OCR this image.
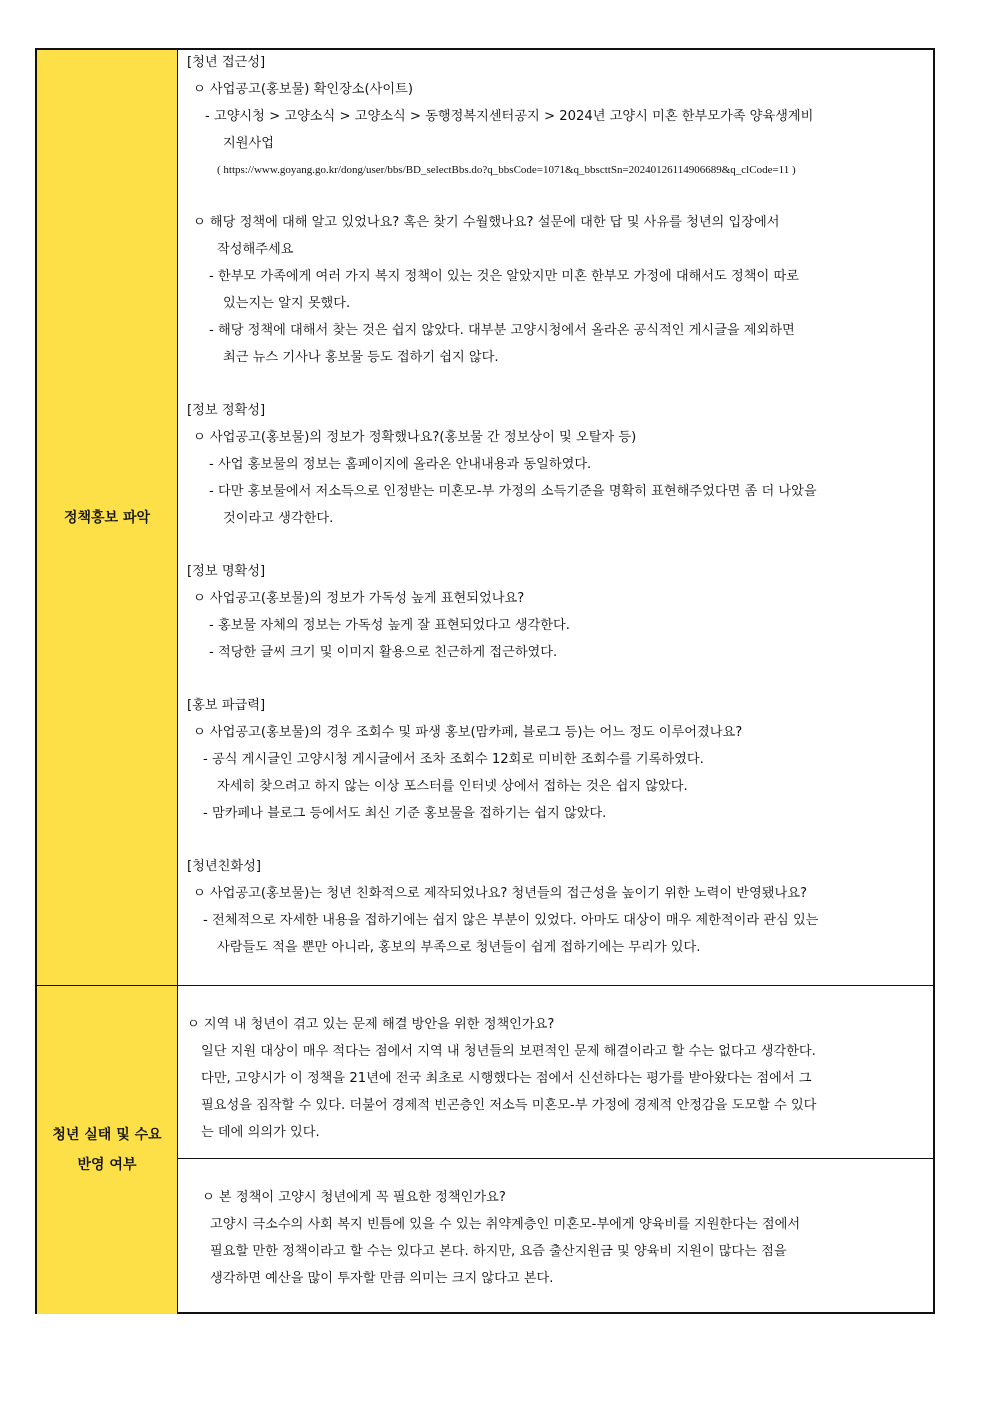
정책홍보 파악
청년 실태 및 수요
반영 여부
[청년 접근성]
ㅇ 사업공고(홍보물) 확인장소(사이트)
- 고양시청 > 고양소식 > 고양소식 > 동행정복지센터공지 > 2024년 고양시 미혼 한부모가족 양육생계비
지원사업
( https://www.goyang.go.kr/dong/user/bbs/BD_selectBbs.do?q_bbsCode=1071&q_bbscttSn=20240126114906689&q_clCode=11 )
ㅇ 해당 정책에 대해 알고 있었나요? 혹은 찾기 수월했나요? 설문에 대한 답 및 사유를 청년의 입장에서
작성해주세요
- 한부모 가족에게 여러 가지 복지 정책이 있는 것은 알았지만 미혼 한부모 가정에 대해서도 정책이 따로
있는지는 알지 못했다.
- 해당 정책에 대해서 찾는 것은 쉽지 않았다. 대부분 고양시청에서 올라온 공식적인 게시글을 제외하면
최근 뉴스 기사나 홍보물 등도 접하기 쉽지 않다.
[정보 정확성]
ㅇ 사업공고(홍보물)의 정보가 정확했나요?(홍보물 간 정보상이 및 오탈자 등)
- 사업 홍보물의 정보는 홈페이지에 올라온 안내내용과 동일하였다.
- 다만 홍보물에서 저소득으로 인정받는 미혼모-부 가정의 소득기준을 명확히 표현해주었다면 좀 더 나았을
것이라고 생각한다.
[정보 명확성]
ㅇ 사업공고(홍보물)의 정보가 가독성 높게 표현되었나요?
- 홍보물 자체의 정보는 가독성 높게 잘 표현되었다고 생각한다.
- 적당한 글씨 크기 및 이미지 활용으로 친근하게 접근하였다.
[홍보 파급력]
ㅇ 사업공고(홍보물)의 경우 조회수 및 파생 홍보(맘카페, 블로그 등)는 어느 정도 이루어졌나요?
- 공식 게시글인 고양시청 게시글에서 조차 조회수 12회로 미비한 조회수를 기록하였다.
자세히 찾으려고 하지 않는 이상 포스터를 인터넷 상에서 접하는 것은 쉽지 않았다.
- 맘카페나 블로그 등에서도 최신 기준 홍보물을 접하기는 쉽지 않았다.
[청년친화성]
ㅇ 사업공고(홍보물)는 청년 친화적으로 제작되었나요? 청년들의 접근성을 높이기 위한 노력이 반영됐나요?
- 전체적으로 자세한 내용을 접하기에는 쉽지 않은 부분이 있었다. 아마도 대상이 매우 제한적이라 관심 있는
사람들도 적을 뿐만 아니라, 홍보의 부족으로 청년들이 쉽게 접하기에는 무리가 있다.
ㅇ 지역 내 청년이 겪고 있는 문제 해결 방안을 위한 정책인가요?
일단 지원 대상이 매우 적다는 점에서 지역 내 청년들의 보편적인 문제 해결이라고 할 수는 없다고 생각한다.
다만, 고양시가 이 정책을 21년에 전국 최초로 시행했다는 점에서 신선하다는 평가를 받아왔다는 점에서 그
필요성을 짐작할 수 있다. 더불어 경제적 빈곤층인 저소득 미혼모-부 가정에 경제적 안정감을 도모할 수 있다
는 데에 의의가 있다.
ㅇ 본 정책이 고양시 청년에게 꼭 필요한 정책인가요?
고양시 극소수의 사회 복지 빈틈에 있을 수 있는 취약계층인 미혼모-부에게 양육비를 지원한다는 점에서
필요할 만한 정책이라고 할 수는 있다고 본다. 하지만, 요즘 출산지원금 및 양육비 지원이 많다는 점을
생각하면 예산을 많이 투자할 만큼 의미는 크지 않다고 본다.
